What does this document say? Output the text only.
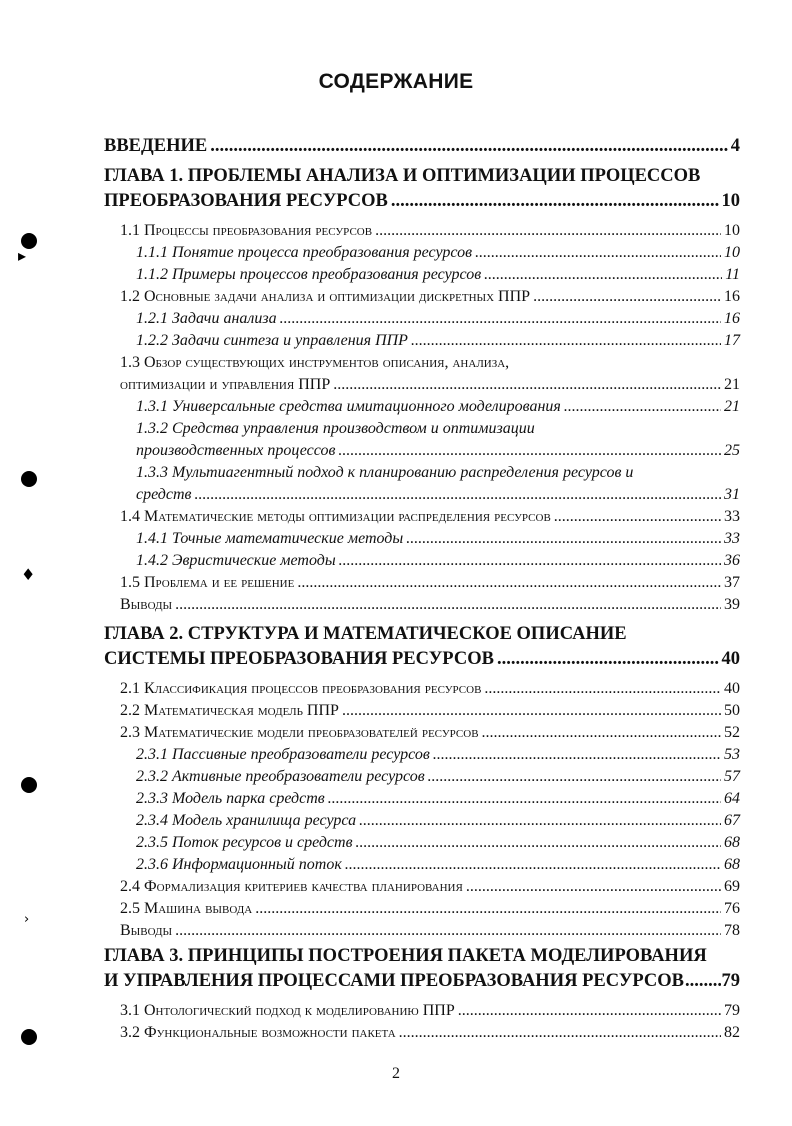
▸
♦
›
СОДЕРЖАНИЕ
ВВЕДЕНИЕ .....	4
ГЛАВА 1. ПРОБЛЕМЫ АНАЛИЗА И ОПТИМИЗАЦИИ ПРОЦЕССОВ
ПРЕОБРАЗОВАНИЯ РЕСУРСОВ .....	10
1.1 Процессы преобразования ресурсов .....	10
1.1.1 Понятие процесса преобразования ресурсов .....	10
1.1.2 Примеры процессов преобразования ресурсов .....	11
1.2 Основные задачи анализа и оптимизации дискретных ППР .....	16
1.2.1 Задачи анализа .....	16
1.2.2 Задачи синтеза и управления ППР .....	17
1.3 Обзор существующих инструментов описания, анализа,
оптимизации и управления ППР .....	21
1.3.1 Универсальные средства имитационного моделирования .....	21
1.3.2 Средства управления производством и оптимизации
производственных процессов .....	25
1.3.3 Мультиагентный подход к планированию распределения ресурсов и
средств .....	31
1.4 Математические методы оптимизации распределения ресурсов .....	33
1.4.1 Точные математические методы .....	33
1.4.2 Эвристические методы .....	36
1.5 Проблема и ее решение .....	37
Выводы .....	39
ГЛАВА 2. СТРУКТУРА И МАТЕМАТИЧЕСКОЕ ОПИСАНИЕ
СИСТЕМЫ ПРЕОБРАЗОВАНИЯ РЕСУРСОВ .....	40
2.1 Классификация процессов преобразования ресурсов .....	40
2.2 Математическая модель ППР .....	50
2.3 Математические модели преобразователей ресурсов .....	52
2.3.1 Пассивные преобразователи ресурсов .....	53
2.3.2 Активные преобразователи ресурсов .....	57
2.3.3 Модель парка средств .....	64
2.3.4 Модель хранилища ресурса .....	67
2.3.5 Поток ресурсов и средств .....	68
2.3.6 Информационный поток .....	68
2.4 Формализация критериев качества планирования .....	69
2.5 Машина вывода .....	76
Выводы .....	78
ГЛАВА 3. ПРИНЦИПЫ ПОСТРОЕНИЯ ПАКЕТА МОДЕЛИРОВАНИЯ
И УПРАВЛЕНИЯ ПРОЦЕССАМИ ПРЕОБРАЗОВАНИЯ РЕСУРСОВ ..... 79
3.1 Онтологический подход к моделированию ППР .....	79
3.2 Функциональные возможности пакета .....	82
2
